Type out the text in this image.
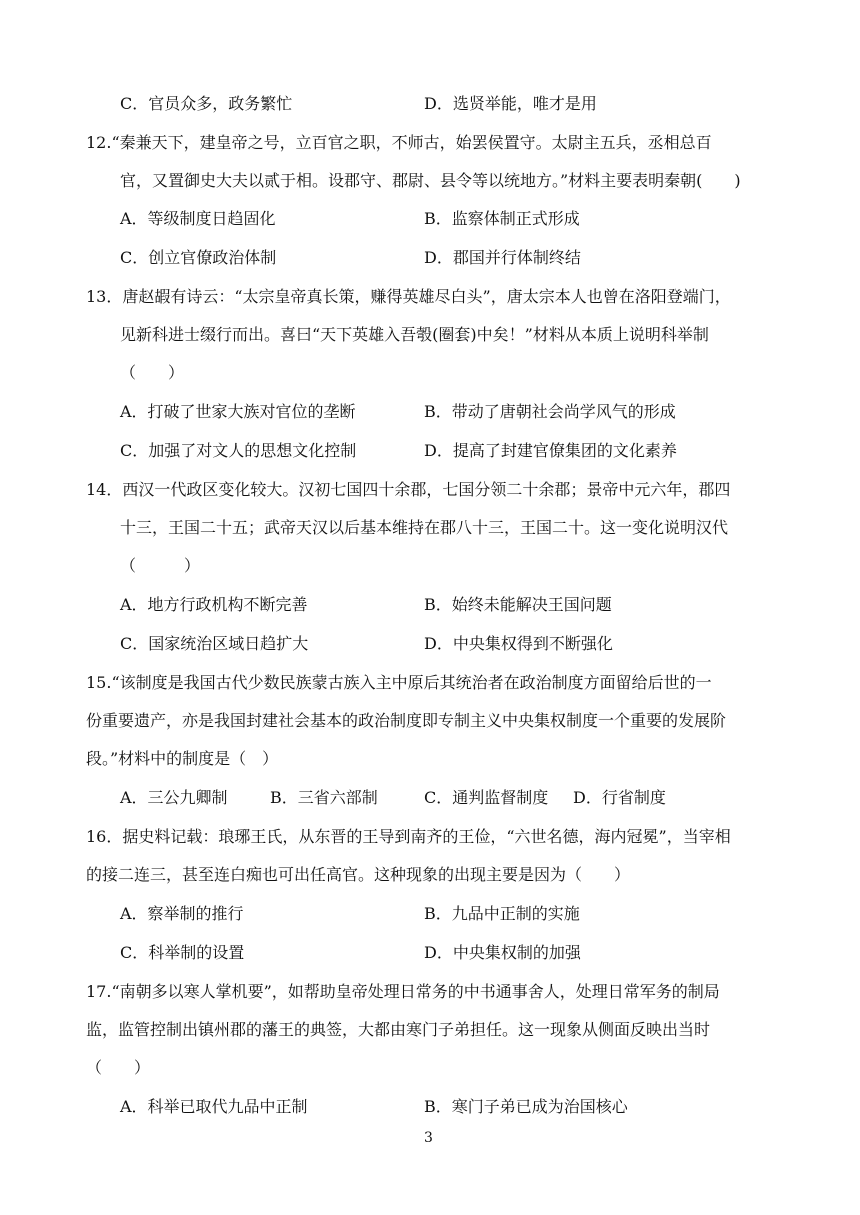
C．官员众多，政务繁忙	D．选贤举能，唯才是用
12.“秦兼天下，建皇帝之号，立百官之职，不师古，始罢侯置守。太尉主五兵，丞相总百
官，又置御史大夫以贰于相。设郡守、郡尉、县令等以统地方。”材料主要表明秦朝(　　)
A．等级制度日趋固化	B．监察体制正式形成
C．创立官僚政治体制	D．郡国并行体制终结
13．唐赵嘏有诗云：“太宗皇帝真长策，赚得英雄尽白头”，唐太宗本人也曾在洛阳登端门，
见新科进士缀行而出。喜曰“天下英雄入吾彀(圈套)中矣！”材料从本质上说明科举制
（　　）
A．打破了世家大族对官位的垄断	B．带动了唐朝社会尚学风气的形成
C．加强了对文人的思想文化控制	D．提高了封建官僚集团的文化素养
14．西汉一代政区变化较大。汉初七国四十余郡，七国分领二十余郡；景帝中元六年，郡四
十三，王国二十五；武帝天汉以后基本维持在郡八十三，王国二十。这一变化说明汉代
（　　　）
A．地方行政机构不断完善	B．始终未能解决王国问题
C．国家统治区域日趋扩大	D．中央集权得到不断强化
15.“该制度是我国古代少数民族蒙古族入主中原后其统治者在政治制度方面留给后世的一
份重要遗产，亦是我国封建社会基本的政治制度即专制主义中央集权制度一个重要的发展阶
段。”材料中的制度是（　）
A．三公九卿制	B．三省六部制	C．通判监督制度 D．行省制度
16．据史料记载：琅琊王氏，从东晋的王导到南齐的王俭，“六世名德，海内冠冕”，当宰相
的接二连三，甚至连白痴也可出任高官。这种现象的出现主要是因为（　　）
A．察举制的推行	B．九品中正制的实施
C．科举制的设置	D．中央集权制的加强
17.“南朝多以寒人掌机要”，如帮助皇帝处理日常务的中书通事舍人，处理日常军务的制局
监，监管控制出镇州郡的藩王的典签，大都由寒门子弟担任。这一现象从侧面反映出当时
（　　）
A．科举已取代九品中正制	B．寒门子弟已成为治国核心
3
